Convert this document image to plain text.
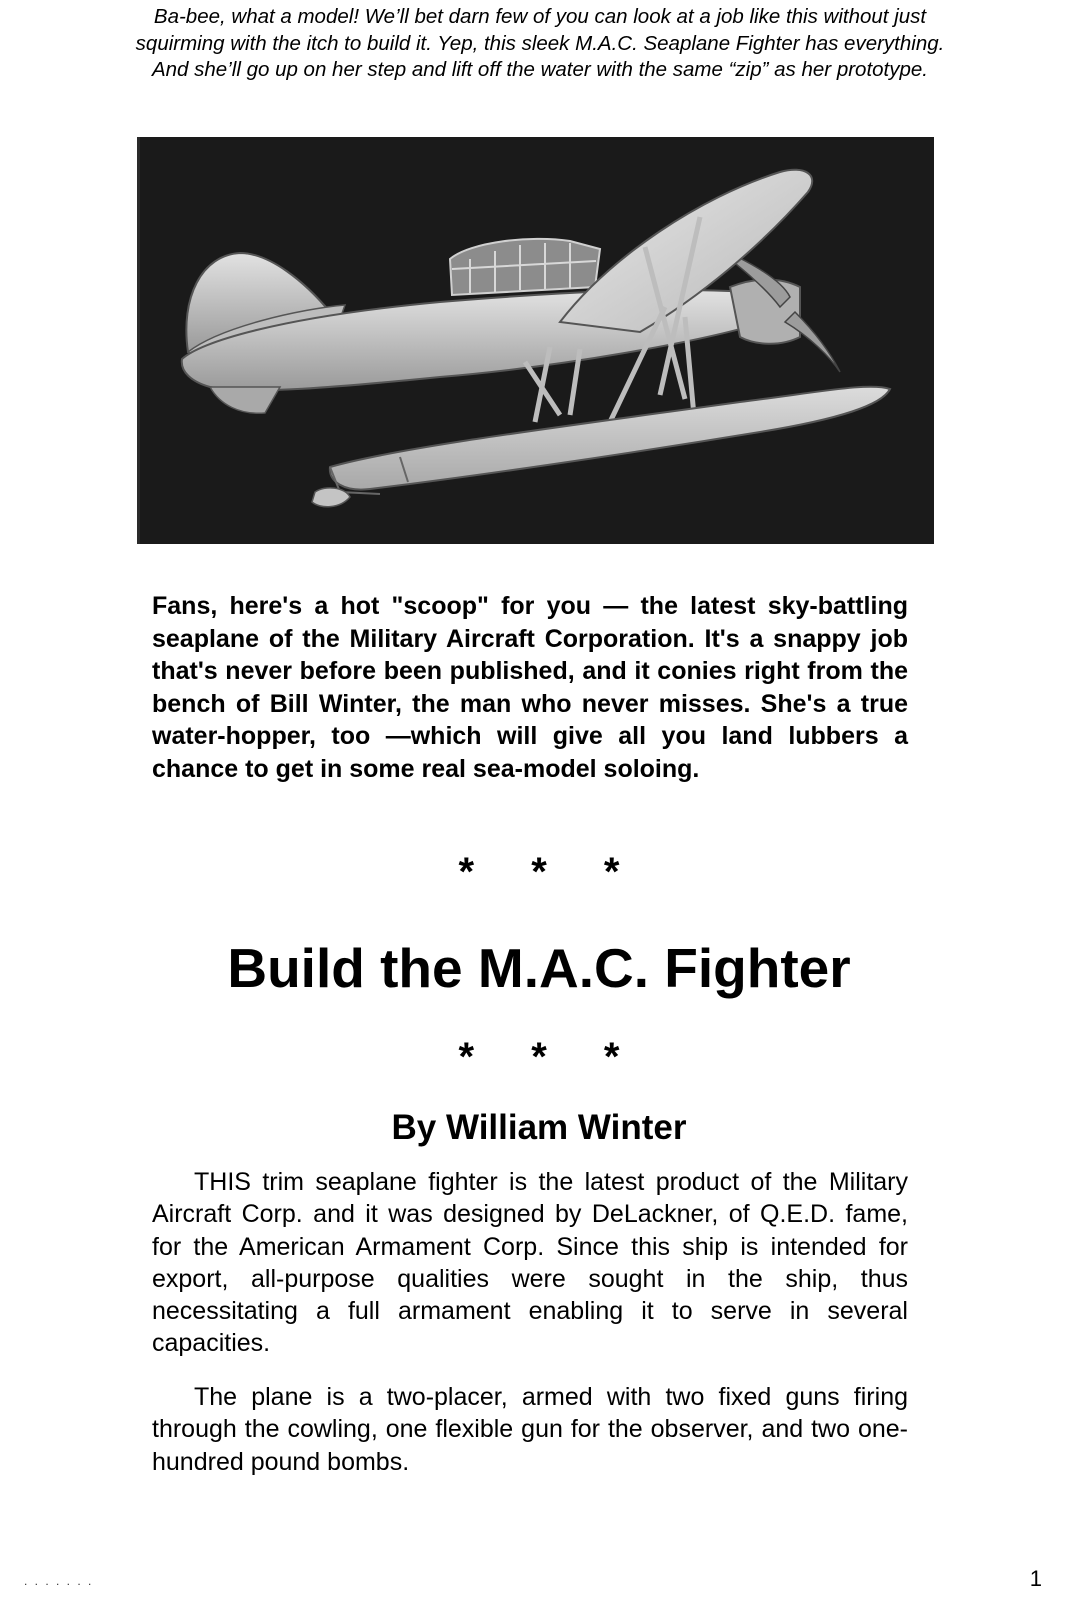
Ba-bee, what a model! We’ll bet darn few of you can look at a job like this without just squirming with the itch to build it. Yep, this sleek M.A.C. Seaplane Fighter has everything. And she’ll go up on her step and lift off the water with the same “zip” as her prototype.

Fans, here's a hot "scoop" for you — the latest sky-battling seaplane of the Military Aircraft Corporation. It's a snappy job that's never before been published, and it conies right from the bench of Bill Winter, the man who never misses. She's a true water-hopper, too —which will give all you land lubbers a chance to get in some real sea-model soloing.

* * *

Build the M.A.C. Fighter

* * *

By William Winter

THIS trim seaplane fighter is the latest product of the Military Aircraft Corp. and it was designed by DeLackner, of Q.E.D. fame, for the American Armament Corp. Since this ship is intended for export, all-purpose qualities were sought in the ship, thus necessitating a full armament enabling it to serve in several capacities.

The plane is a two-placer, armed with two fixed guns firing through the cowling, one flexible gun for the observer, and two one-hundred pound bombs.

. . . . . . .	1
